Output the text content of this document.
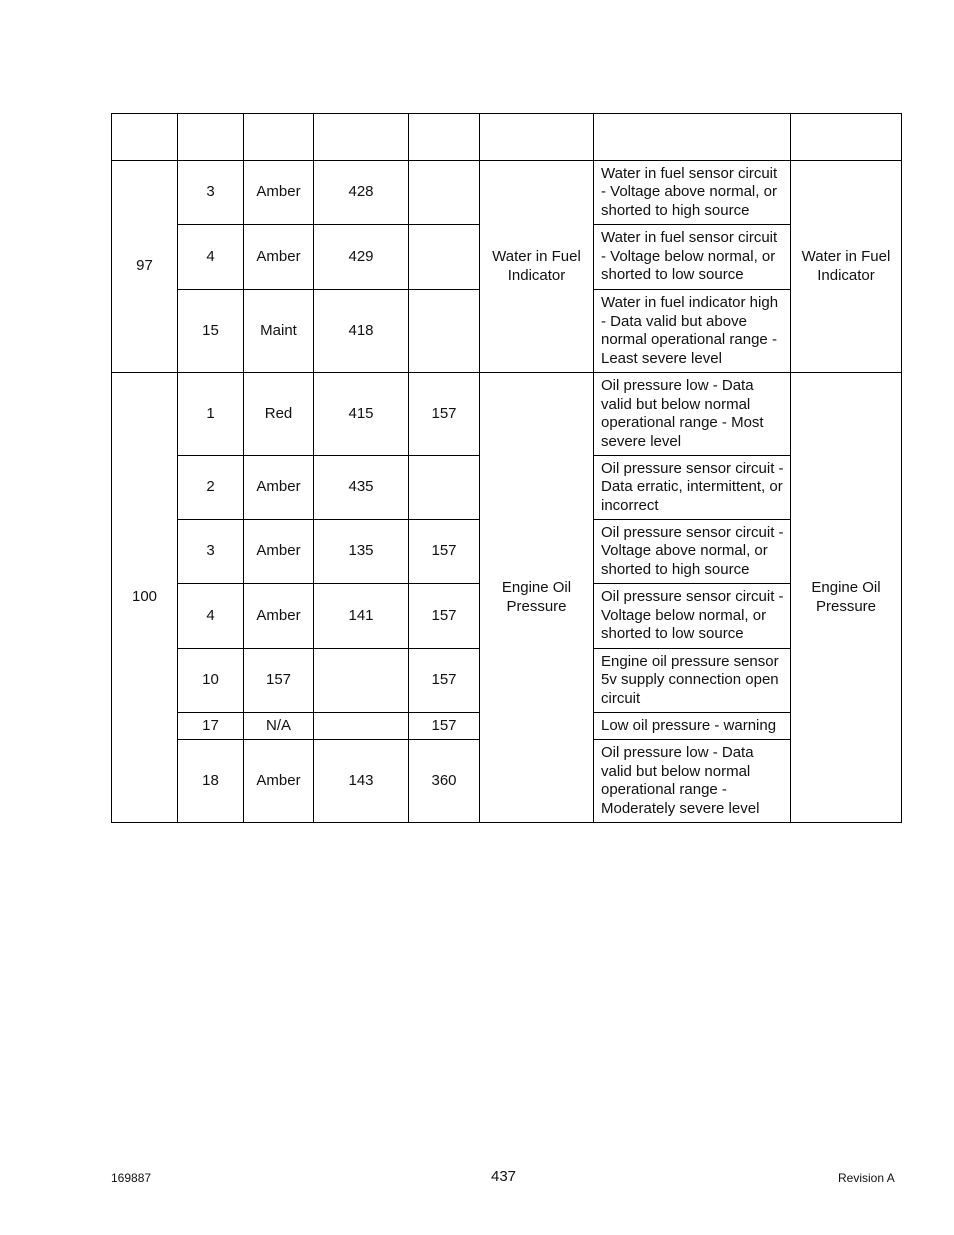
97	3	Amber	428		Water in Fuel Indicator	Water in fuel sensor circuit - Voltage above normal, or shorted to high source	Water in Fuel Indicator
	4	Amber	429			Water in fuel sensor circuit - Voltage below normal, or shorted to low source	
	15	Maint	418			Water in fuel indicator high - Data valid but above normal operational range - Least severe level	
100	1	Red	415	157	Engine Oil Pressure	Oil pressure low - Data valid but below normal operational range - Most severe level	Engine Oil Pressure
	2	Amber	435			Oil pressure sensor circuit - Data erratic, intermittent, or incorrect	
	3	Amber	135	157		Oil pressure sensor circuit - Voltage above normal, or shorted to high source	
	4	Amber	141	157		Oil pressure sensor circuit - Voltage below normal, or shorted to low source	
	10	157		157		Engine oil pressure sensor 5v supply connection open circuit	
	17	N/A		157		Low oil pressure - warning	
	18	Amber	143	360		Oil pressure low - Data valid but below normal operational range - Moderately severe level	
169887	437	Revision A
